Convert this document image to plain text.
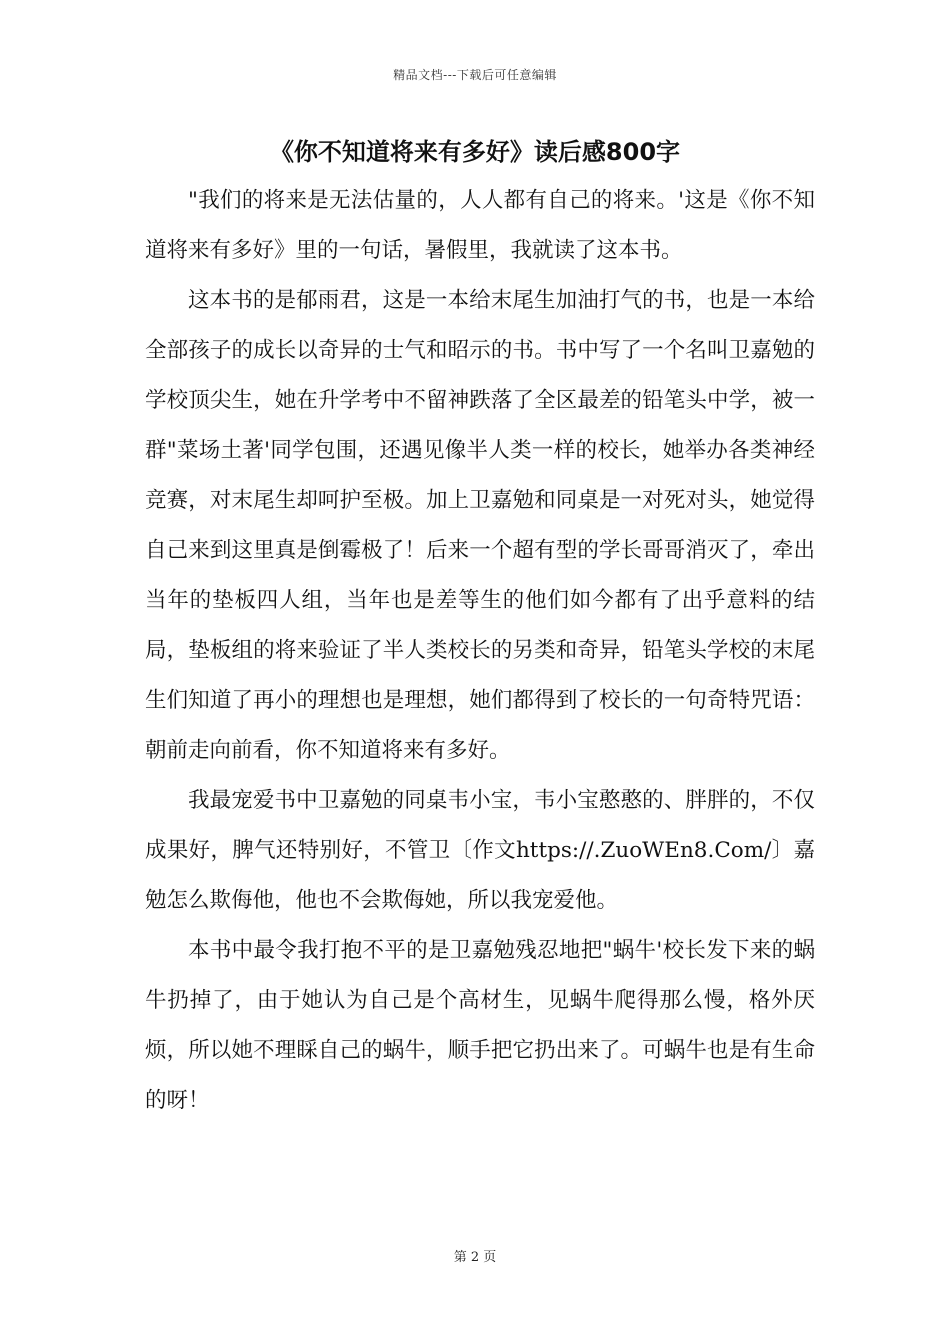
精品文档---下载后可任意编辑
《你不知道将来有多好》读后感800字

"我们的将来是无法估量的，人人都有自己的将来。'这是《你不知道将来有多好》里的一句话，暑假里，我就读了这本书。

这本书的是郁雨君，这是一本给末尾生加油打气的书，也是一本给全部孩子的成长以奇异的士气和昭示的书。书中写了一个名叫卫嘉勉的学校顶尖生，她在升学考中不留神跌落了全区最差的铅笔头中学，被一群"菜场土著'同学包围，还遇见像半人类一样的校长，她举办各类神经竞赛，对末尾生却呵护至极。加上卫嘉勉和同桌是一对死对头，她觉得自己来到这里真是倒霉极了！后来一个超有型的学长哥哥消灭了，牵出当年的垫板四人组，当年也是差等生的他们如今都有了出乎意料的结局，垫板组的将来验证了半人类校长的另类和奇异，铅笔头学校的末尾生们知道了再小的理想也是理想，她们都得到了校长的一句奇特咒语：朝前走向前看，你不知道将来有多好。

我最宠爱书中卫嘉勉的同桌韦小宝，韦小宝憨憨的、胖胖的，不仅成果好，脾气还特别好，不管卫〔作文https://.ZuoWEn8.Com/〕嘉勉怎么欺侮他，他也不会欺侮她，所以我宠爱他。

本书中最令我打抱不平的是卫嘉勉残忍地把"蜗牛'校长发下来的蜗牛扔掉了，由于她认为自己是个高材生，见蜗牛爬得那么慢，格外厌烦，所以她不理睬自己的蜗牛，顺手把它扔出来了。可蜗牛也是有生命的呀！

第 2 页
